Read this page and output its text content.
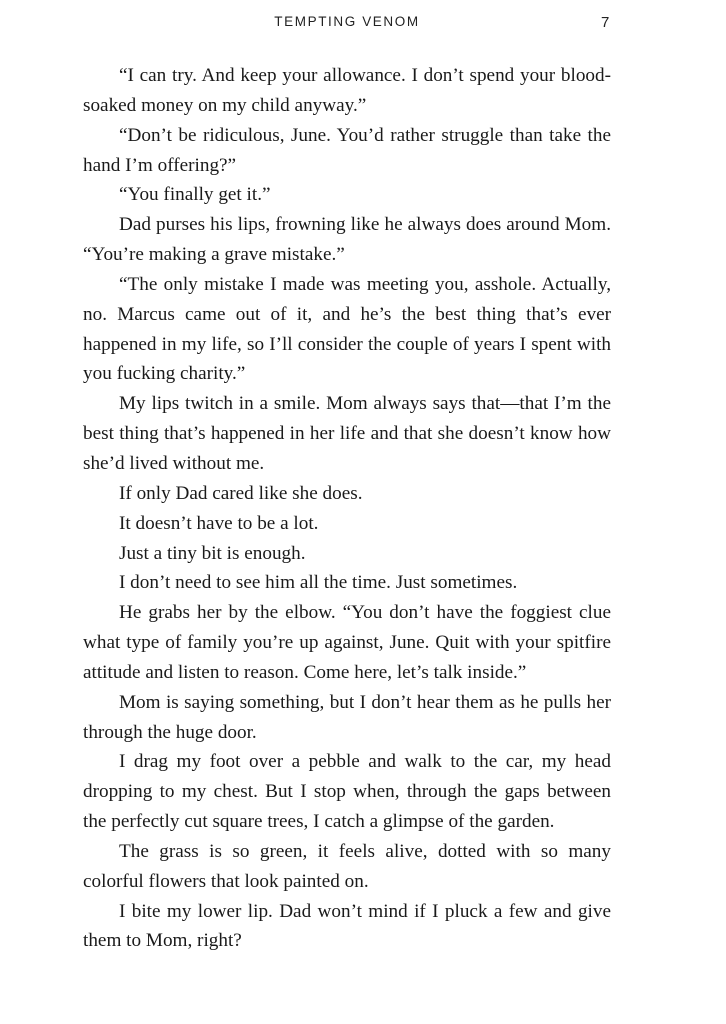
TEMPTING VENOM	7

“I can try. And keep your allowance. I don’t spend your blood-soaked money on my child anyway.”

“Don’t be ridiculous, June. You’d rather struggle than take the hand I’m offering?”

“You finally get it.”

Dad purses his lips, frowning like he always does around Mom. “You’re making a grave mistake.”

“The only mistake I made was meeting you, asshole. Actually, no. Marcus came out of it, and he’s the best thing that’s ever happened in my life, so I’ll consider the couple of years I spent with you fucking charity.”

My lips twitch in a smile. Mom always says that—that I’m the best thing that’s happened in her life and that she doesn’t know how she’d lived without me.

If only Dad cared like she does.

It doesn’t have to be a lot.

Just a tiny bit is enough.

I don’t need to see him all the time. Just sometimes.

He grabs her by the elbow. “You don’t have the foggiest clue what type of family you’re up against, June. Quit with your spitfire attitude and listen to reason. Come here, let’s talk inside.”

Mom is saying something, but I don’t hear them as he pulls her through the huge door.

I drag my foot over a pebble and walk to the car, my head dropping to my chest. But I stop when, through the gaps between the perfectly cut square trees, I catch a glimpse of the garden.

The grass is so green, it feels alive, dotted with so many colorful flowers that look painted on.

I bite my lower lip. Dad won’t mind if I pluck a few and give them to Mom, right?
